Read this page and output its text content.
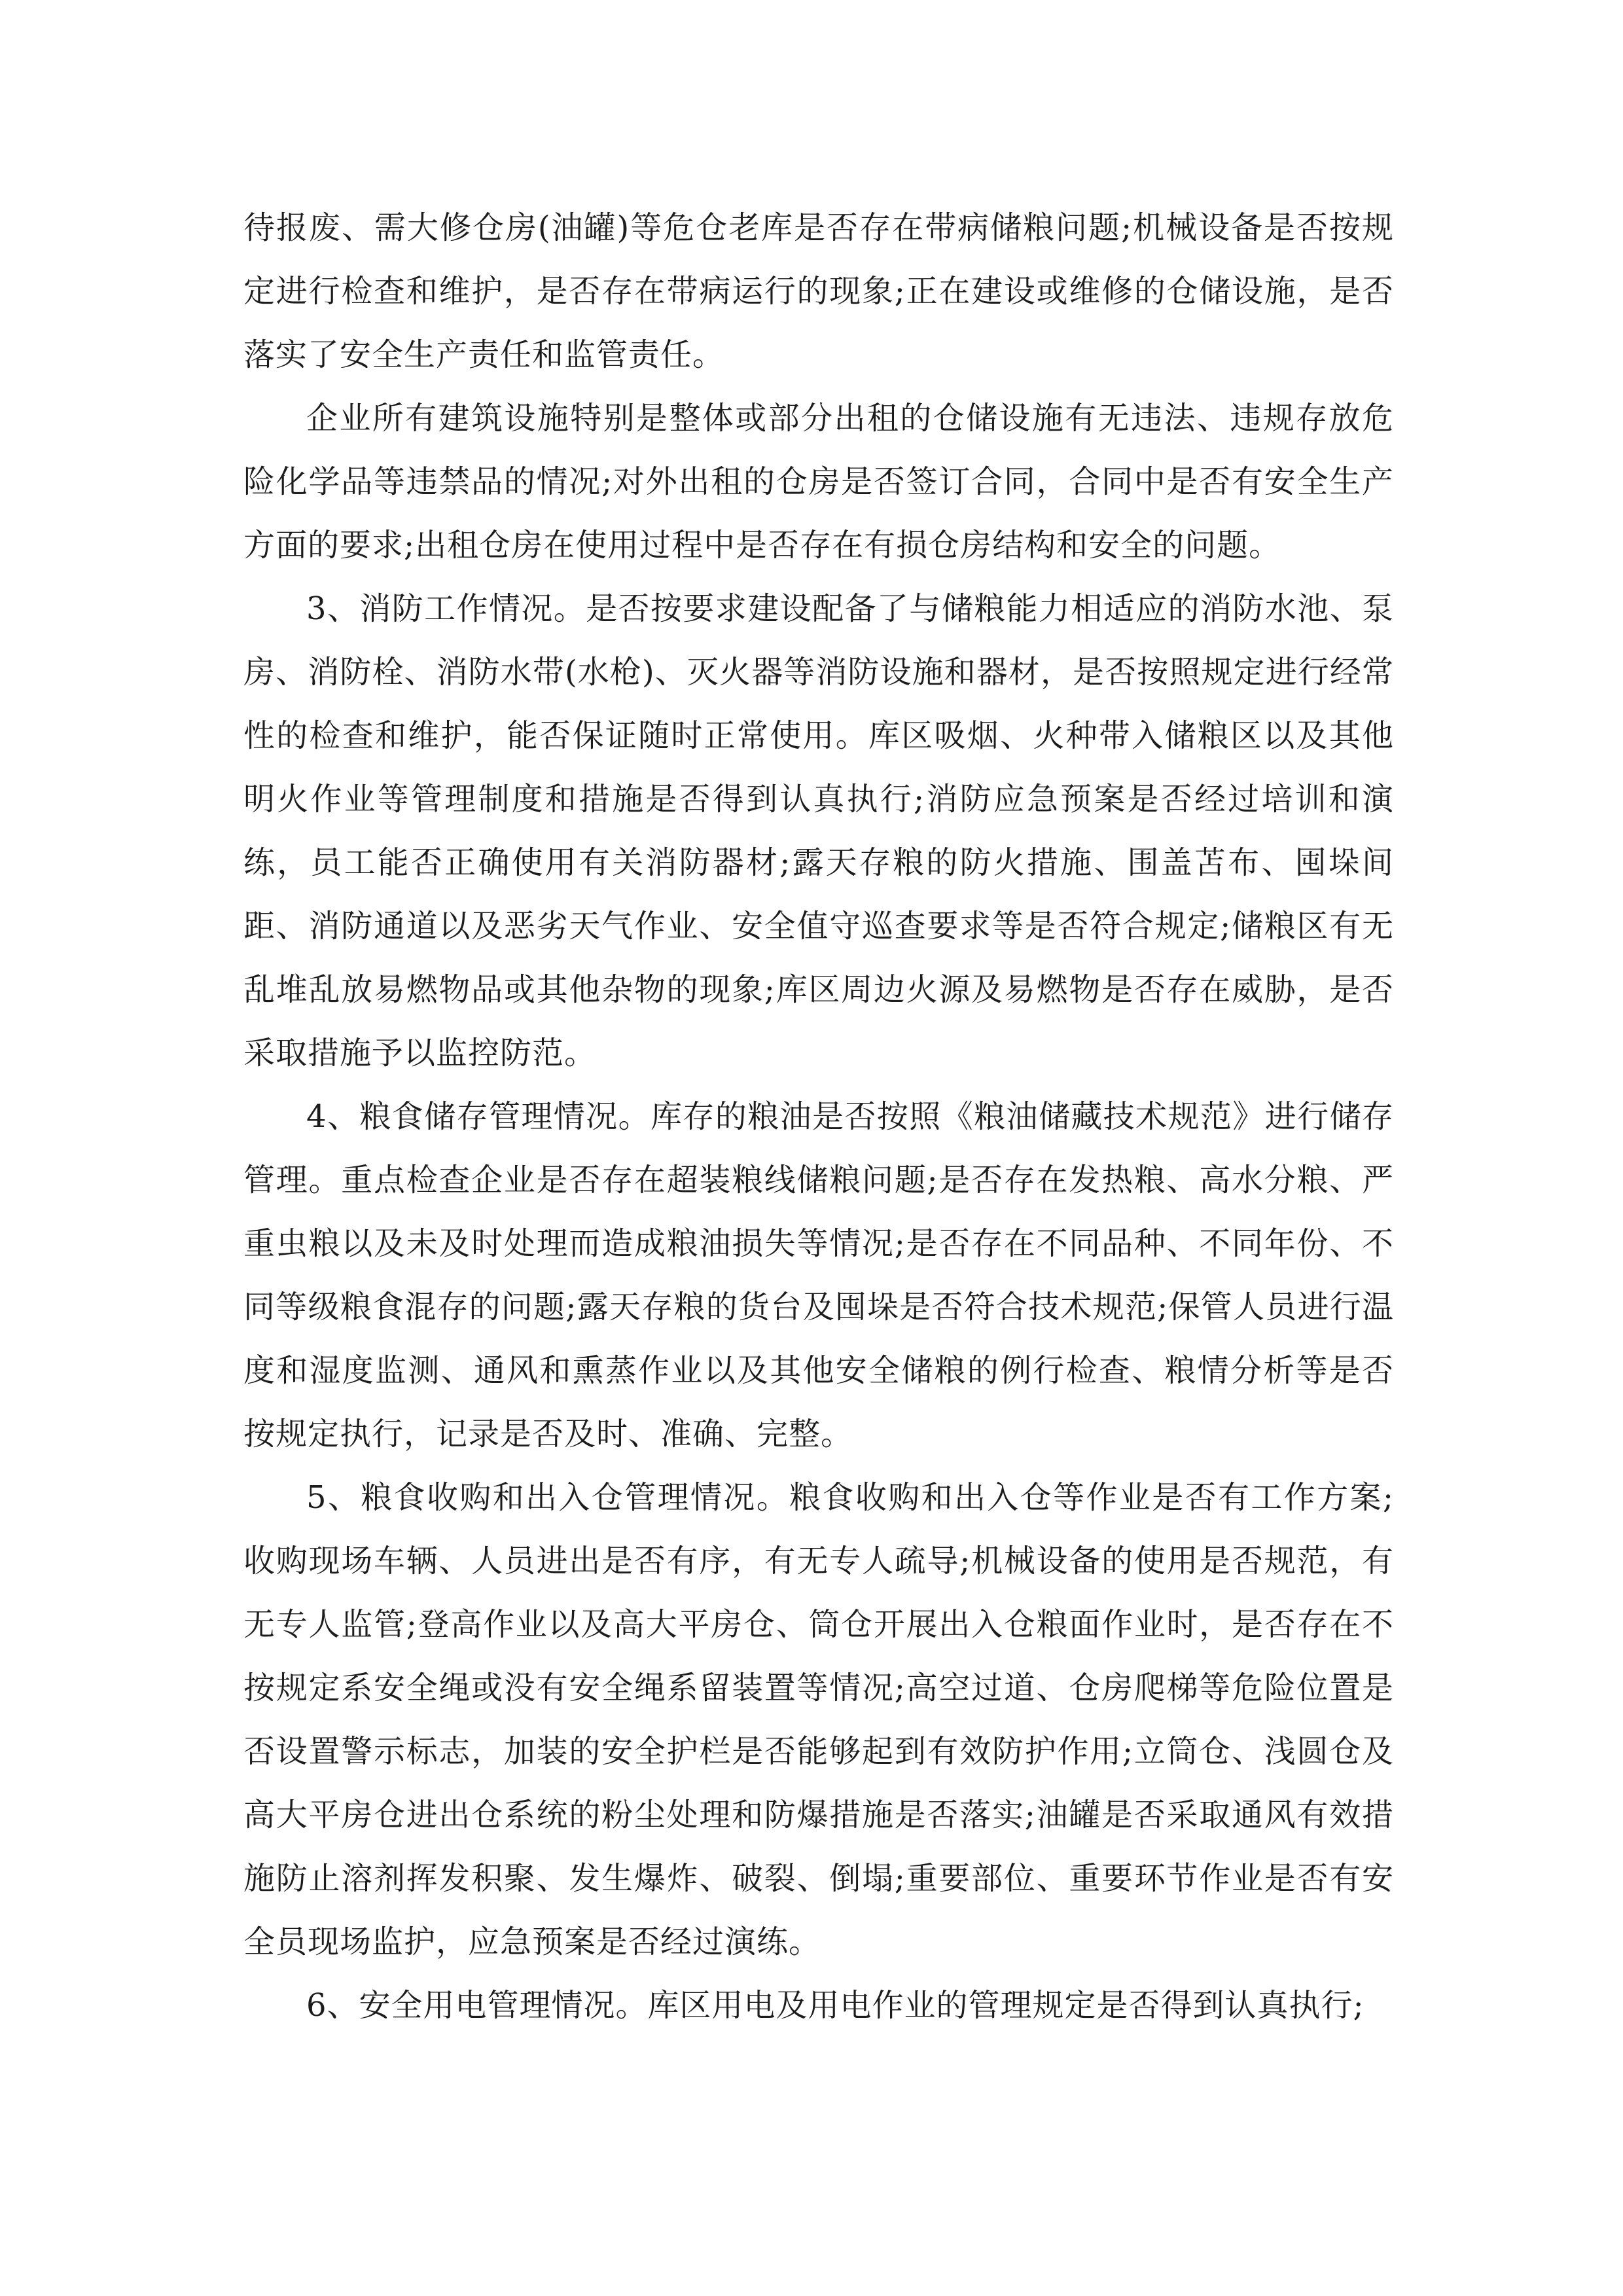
待报废、需大修仓房(油罐)等危仓老库是否存在带病储粮问题;机械设备是否按规定进行检查和维护，是否存在带病运行的现象;正在建设或维修的仓储设施，是否落实了安全生产责任和监管责任。

企业所有建筑设施特别是整体或部分出租的仓储设施有无违法、违规存放危险化学品等违禁品的情况;对外出租的仓房是否签订合同，合同中是否有安全生产方面的要求;出租仓房在使用过程中是否存在有损仓房结构和安全的问题。

3、消防工作情况。是否按要求建设配备了与储粮能力相适应的消防水池、泵房、消防栓、消防水带(水枪)、灭火器等消防设施和器材，是否按照规定进行经常性的检查和维护，能否保证随时正常使用。库区吸烟、火种带入储粮区以及其他明火作业等管理制度和措施是否得到认真执行;消防应急预案是否经过培训和演练，员工能否正确使用有关消防器材;露天存粮的防火措施、围盖苫布、囤垛间距、消防通道以及恶劣天气作业、安全值守巡查要求等是否符合规定;储粮区有无乱堆乱放易燃物品或其他杂物的现象;库区周边火源及易燃物是否存在威胁，是否采取措施予以监控防范。

4、粮食储存管理情况。库存的粮油是否按照《粮油储藏技术规范》进行储存管理。重点检查企业是否存在超装粮线储粮问题;是否存在发热粮、高水分粮、严重虫粮以及未及时处理而造成粮油损失等情况;是否存在不同品种、不同年份、不同等级粮食混存的问题;露天存粮的货台及囤垛是否符合技术规范;保管人员进行温度和湿度监测、通风和熏蒸作业以及其他安全储粮的例行检查、粮情分析等是否按规定执行，记录是否及时、准确、完整。

5、粮食收购和出入仓管理情况。粮食收购和出入仓等作业是否有工作方案;收购现场车辆、人员进出是否有序，有无专人疏导;机械设备的使用是否规范，有无专人监管;登高作业以及高大平房仓、筒仓开展出入仓粮面作业时，是否存在不按规定系安全绳或没有安全绳系留装置等情况;高空过道、仓房爬梯等危险位置是否设置警示标志，加装的安全护栏是否能够起到有效防护作用;立筒仓、浅圆仓及高大平房仓进出仓系统的粉尘处理和防爆措施是否落实;油罐是否采取通风有效措施防止溶剂挥发积聚、发生爆炸、破裂、倒塌;重要部位、重要环节作业是否有安全员现场监护，应急预案是否经过演练。

6、安全用电管理情况。库区用电及用电作业的管理规定是否得到认真执行;
